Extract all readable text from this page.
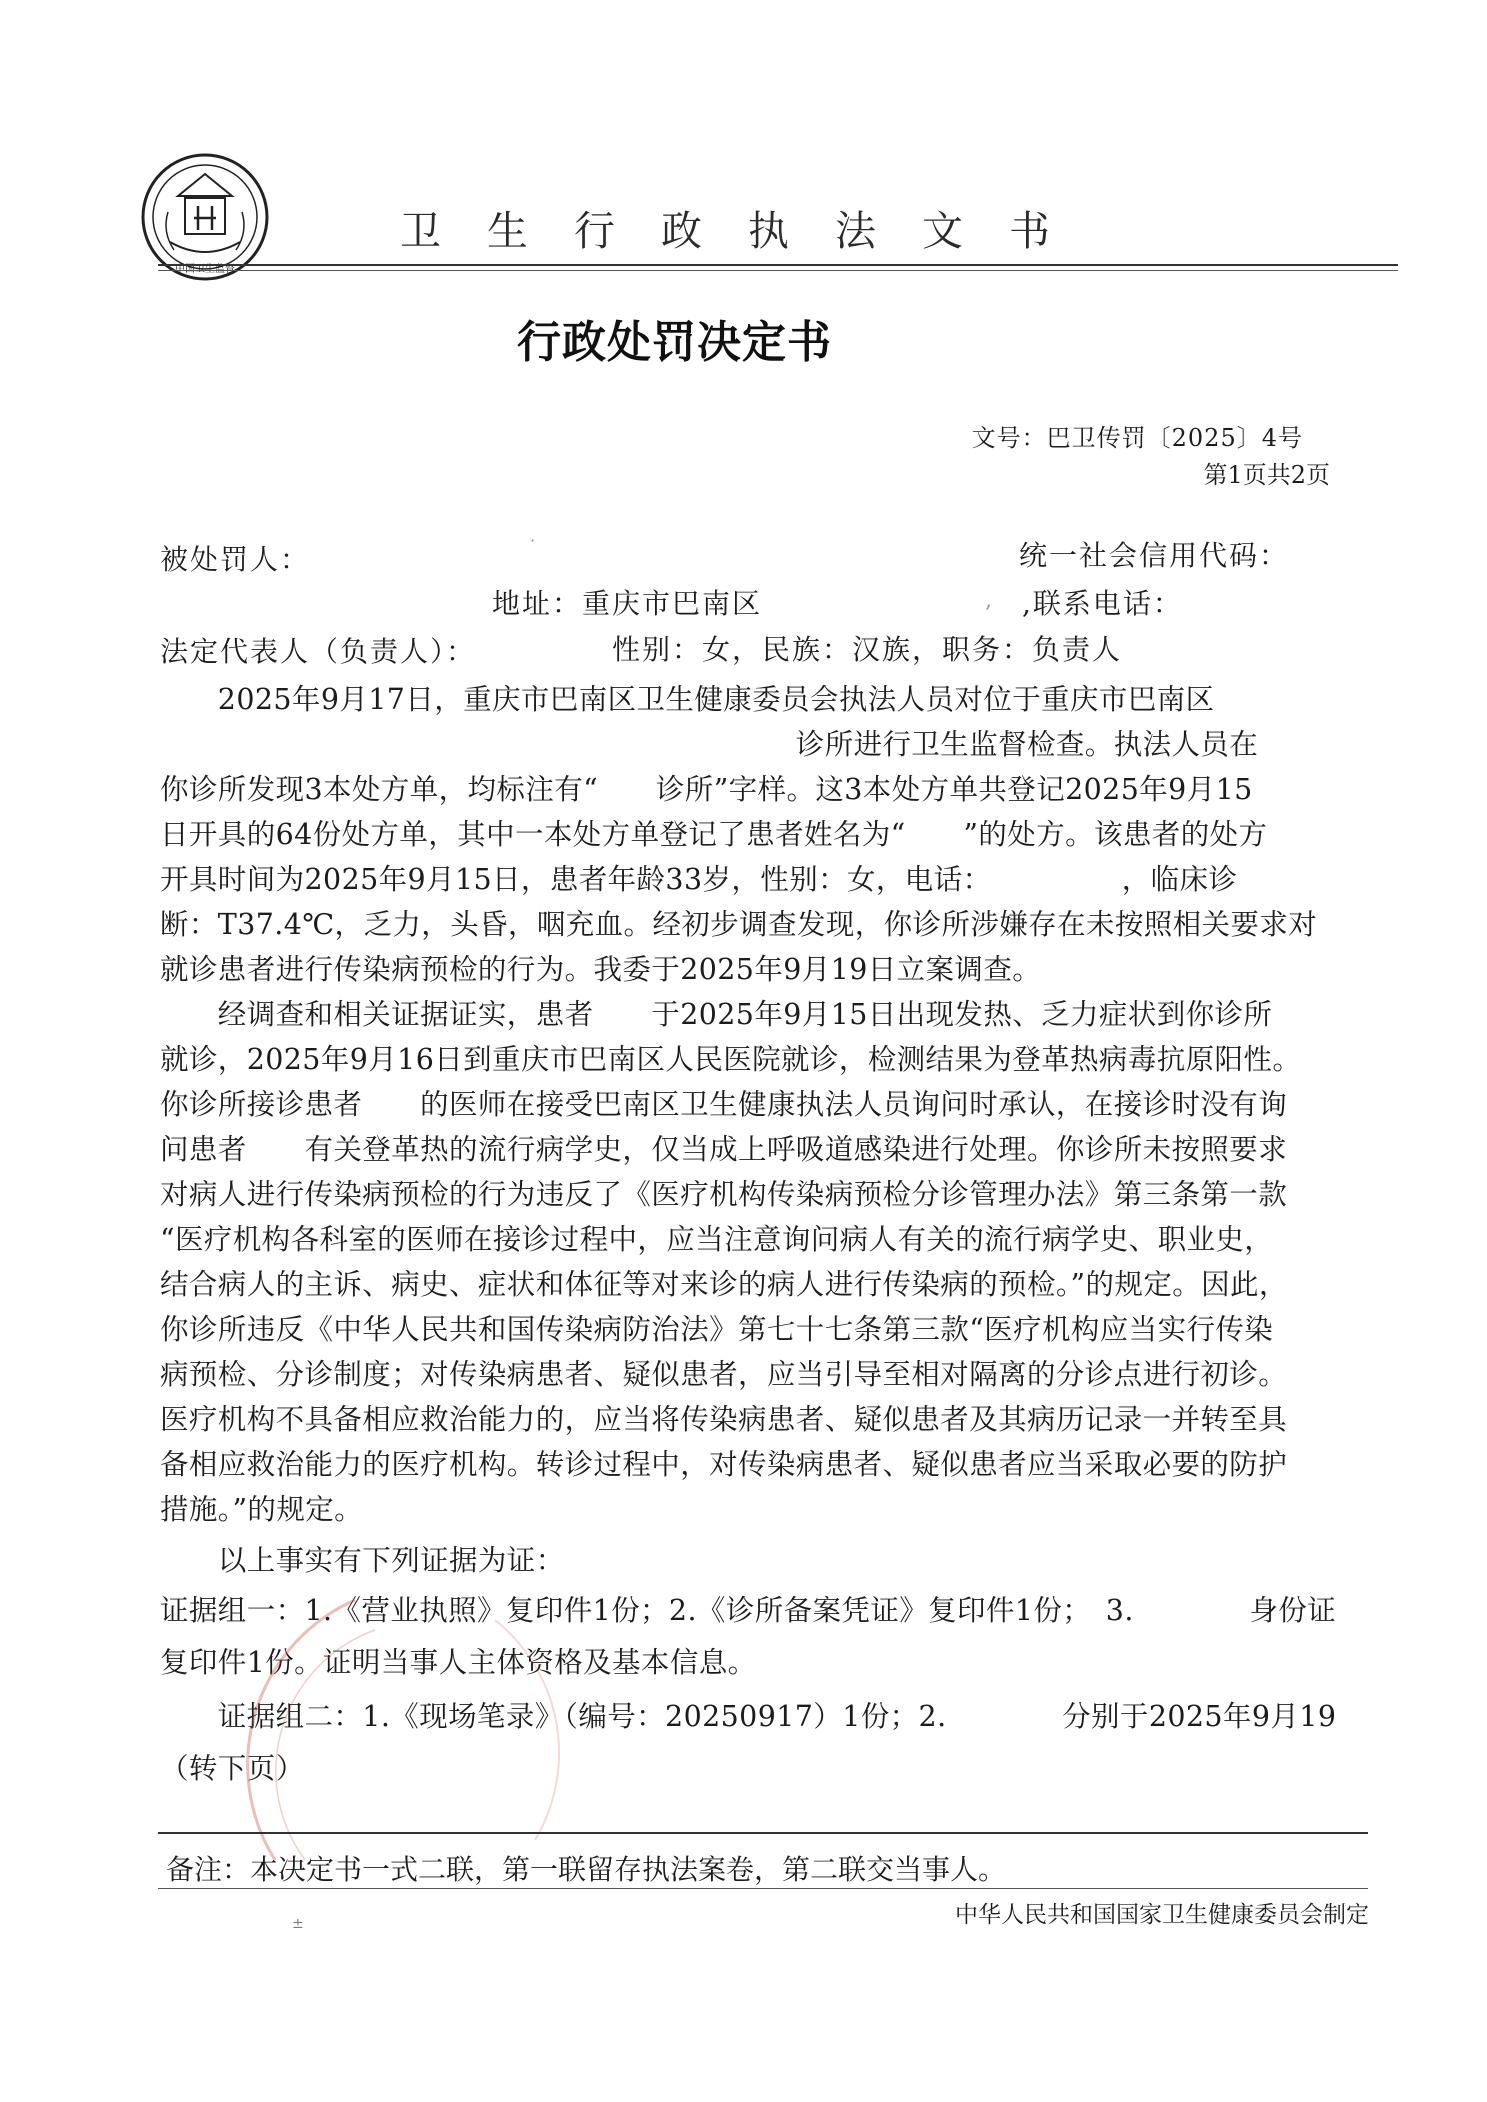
中国卫生监督
卫生行政执法文书
行政处罚决定书
文号：巴卫传罚〔2025〕4号
第1页共2页
被处罚人：
·	统一社会信用代码：
地址：重庆市巴南区	, ,联系电话：
法定代表人（负责人）：	性别：女，民族：汉族，职务：负责人
　　2025年9月17日，重庆市巴南区卫生健康委员会执法人员对位于重庆市巴南区
　　　　　　　　　　　　　　　　　　　　　　诊所进行卫生监督检查。执法人员在
你诊所发现3本处方单，均标注有“　　诊所”字样。这3本处方单共登记2025年9月15
日开具的64份处方单，其中一本处方单登记了患者姓名为“　　”的处方。该患者的处方
开具时间为2025年9月15日，患者年龄33岁，性别：女，电话：　　　　　，临床诊
断：T37.4℃，乏力，头昏，咽充血。经初步调查发现，你诊所涉嫌存在未按照相关要求对
就诊患者进行传染病预检的行为。我委于2025年9月19日立案调查。
　　经调查和相关证据证实，患者　　于2025年9月15日出现发热、乏力症状到你诊所
就诊，2025年9月16日到重庆市巴南区人民医院就诊，检测结果为登革热病毒抗原阳性。
你诊所接诊患者　　的医师在接受巴南区卫生健康执法人员询问时承认，在接诊时没有询
问患者　　有关登革热的流行病学史，仅当成上呼吸道感染进行处理。你诊所未按照要求
对病人进行传染病预检的行为违反了《医疗机构传染病预检分诊管理办法》第三条第一款
“医疗机构各科室的医师在接诊过程中，应当注意询问病人有关的流行病学史、职业史，
结合病人的主诉、病史、症状和体征等对来诊的病人进行传染病的预检。”的规定。因此，
你诊所违反《中华人民共和国传染病防治法》第七十七条第三款“医疗机构应当实行传染
病预检、分诊制度；对传染病患者、疑似患者，应当引导至相对隔离的分诊点进行初诊。
医疗机构不具备相应救治能力的，应当将传染病患者、疑似患者及其病历记录一并转至具
备相应救治能力的医疗机构。转诊过程中，对传染病患者、疑似患者应当采取必要的防护
措施。”的规定。
　　以上事实有下列证据为证：
证据组一：1.《营业执照》复印件1份；2.《诊所备案凭证》复印件1份；　3.　　　　身份证
复印件1份。证明当事人主体资格及基本信息。
　　证据组二：1.《现场笔录》（编号：20250917）1份；2.　　　　分别于2025年9月19
（转下页）
备注：本决定书一式二联，第一联留存执法案卷，第二联交当事人。
中华人民共和国国家卫生健康委员会制定
±
